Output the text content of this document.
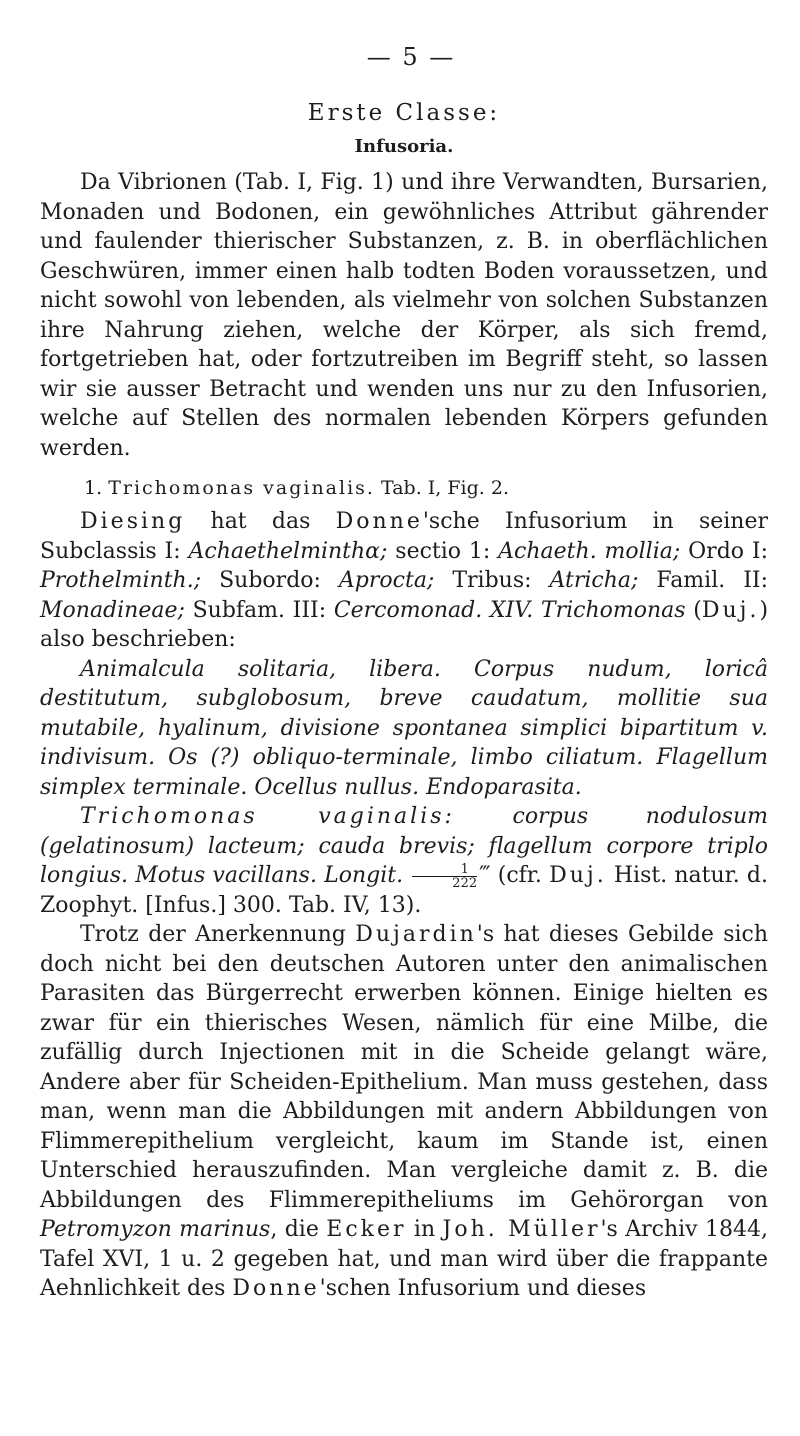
— 5 —
Erste Classe:
Infusoria.

Da Vibrionen (Tab. I, Fig. 1) und ihre Verwandten, Bursarien, Monaden und Bodonen, ein gewöhnliches Attribut gährender und faulender thierischer Substanzen, z. B. in oberflächlichen Geschwüren, immer einen halb todten Boden voraussetzen, und nicht sowohl von lebenden, als vielmehr von solchen Substanzen ihre Nahrung ziehen, welche der Körper, als sich fremd, fortgetrieben hat, oder fortzutreiben im Begriff steht, so lassen wir sie ausser Betracht und wenden uns nur zu den Infusorien, welche auf Stellen des normalen lebenden Körpers gefunden werden.

1. Trichomonas vaginalis. Tab. I, Fig. 2.

Diesing hat das Donne'sche Infusorium in seiner Subclassis I: Achaethelminthα; sectio 1: Achaeth. mollia; Ordo I: Prothelminth.; Subordo: Aprocta; Tribus: Atricha; Famil. II: Monadineae; Subfam. III: Cercomonad. XIV. Trichomonas (Duj.) also beschrieben:

Animalcula solitaria, libera. Corpus nudum, loricâ destitutum, subglobosum, breve caudatum, mollitie sua mutabile, hyalinum, divisione spontanea simplici bipartitum v. indivisum. Os (?) obliquo-terminale, limbo ciliatum. Flagellum simplex terminale. Ocellus nullus. Endoparasita.

Trichomonas vaginalis: corpus nodulosum (gelatinosum) lacteum; cauda brevis; flagellum corpore triplo longius. Motus vacillans. Longit. $\frac{1}{222}$ ‴ (cfr. Duj. Hist. natur. d. Zoophyt. [Infus.] 300. Tab. IV, 13).

Trotz der Anerkennung Dujardin's hat dieses Gebilde sich doch nicht bei den deutschen Autoren unter den animalischen Parasiten das Bürgerrecht erwerben können. Einige hielten es zwar für ein thierisches Wesen, nämlich für eine Milbe, die zufällig durch Injectionen mit in die Scheide gelangt wäre, Andere aber für Scheiden-Epithelium. Man muss gestehen, dass man, wenn man die Abbildungen mit andern Abbildungen von Flimmerepithelium vergleicht, kaum im Stande ist, einen Unterschied herauszufinden. Man vergleiche damit z. B. die Abbildungen des Flimmerepitheliums im Gehörorgan von Petromyzon marinus, die Ecker in Joh. Müller's Archiv 1844, Tafel XVI, 1 u. 2 gegeben hat, und man wird über die frappante Aehnlichkeit des Donne'schen Infusorium und dieses
